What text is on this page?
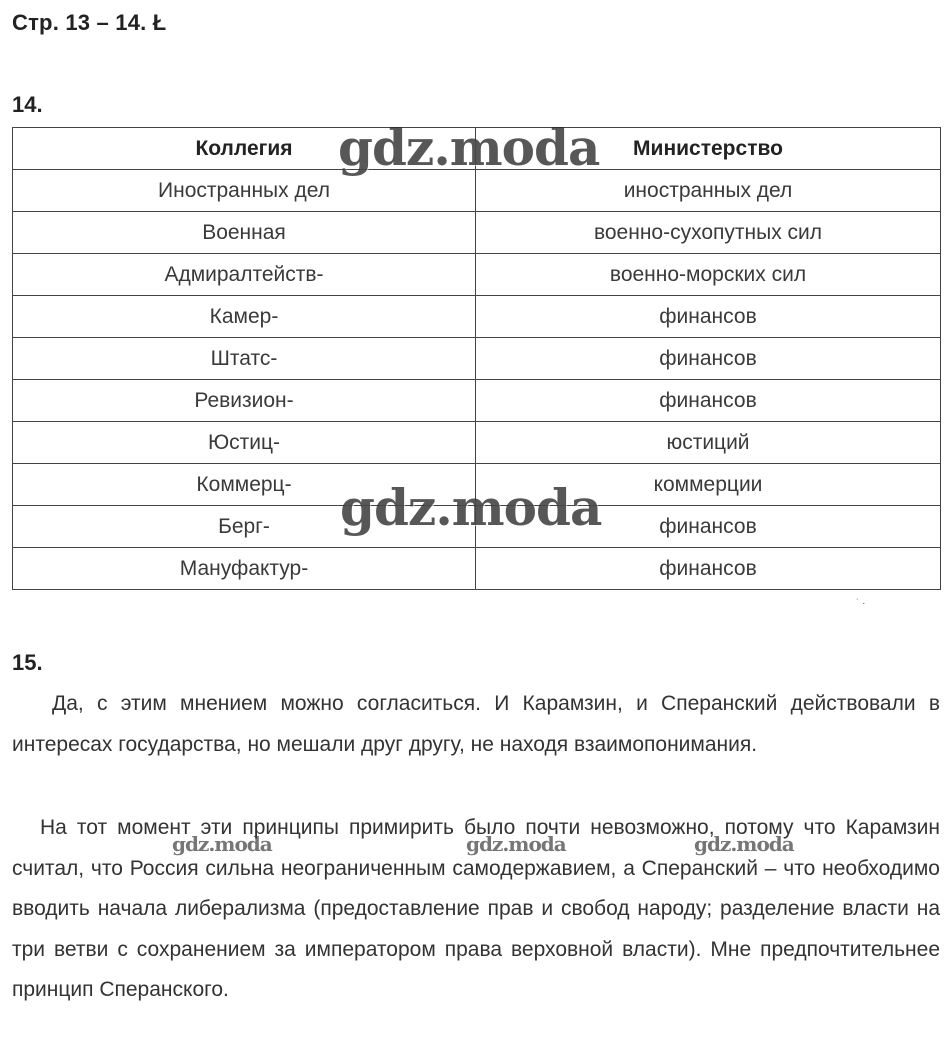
Стр. 13 – 14. Ł
14.
Коллегия	Министерство
Иностранных дел	иностранных дел
Военная	военно-сухопутных сил
Адмиралтейств-	военно-морских сил
Камер-	финансов
Штатс-	финансов
Ревизион-	финансов
Юстиц-	юстиций
Коммерц-	коммерции
Берг-	финансов
Мануфактур-	финансов
˙ ·
15.

Да, с этим мнением можно согласиться. И Карамзин, и Сперанский действовали в интересах государства, но мешали друг другу, не находя взаимопонимания.

На тот момент эти принципы примирить было почти невозможно, потому что Карамзин считал, что Россия сильна неограниченным самодержавием, а Сперанский – что необходимо вводить начала либерализма (предоставление прав и свобод народу; разделение власти на три ветви с сохранением за императором права верховной власти). Мне предпочтительнее принцип Сперанского.

gdz.moda
gdz.moda
gdz.moda	gdz.moda	gdz.moda
